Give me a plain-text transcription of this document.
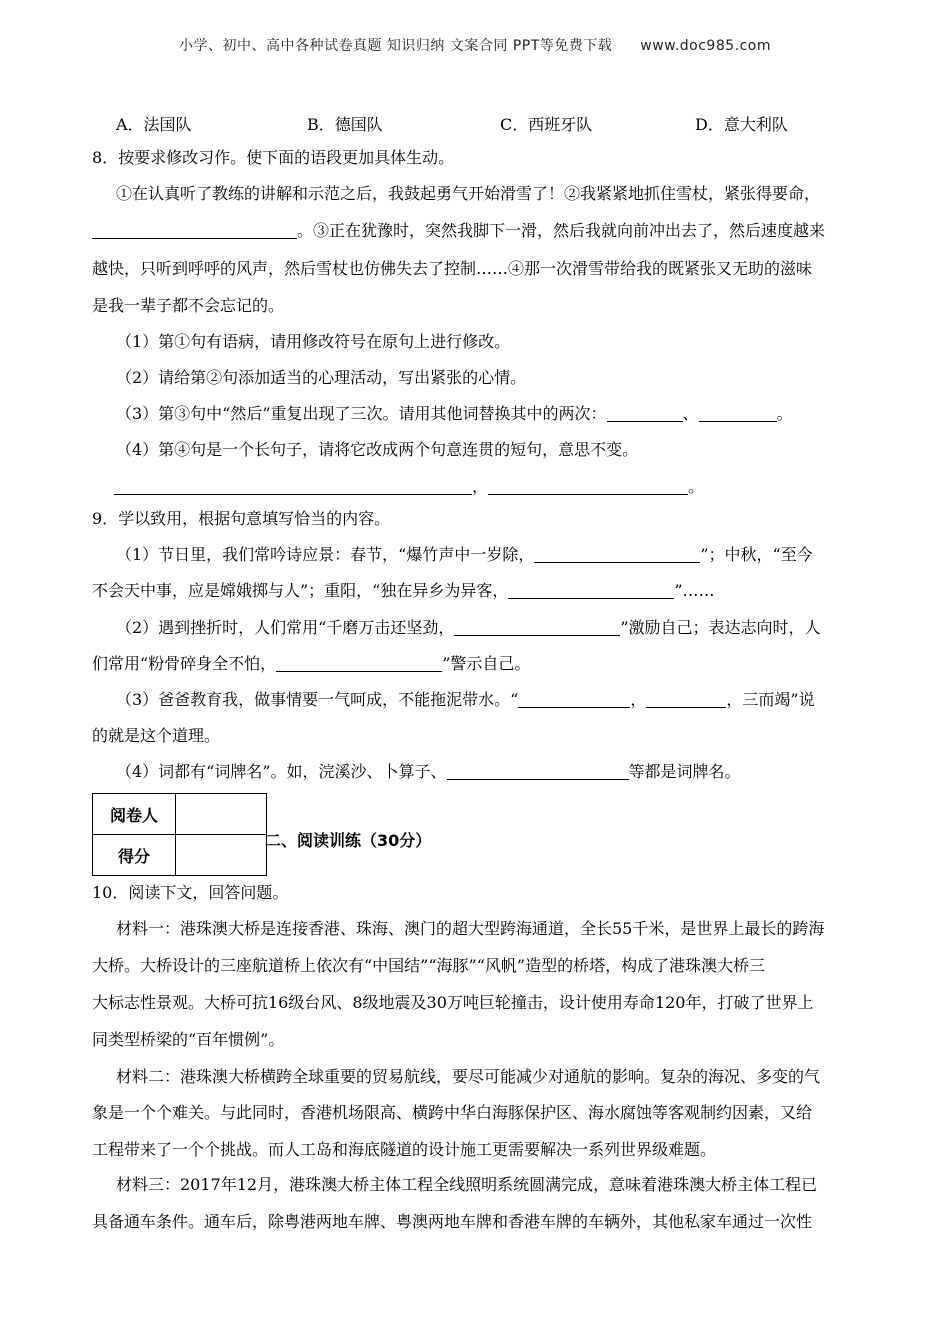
小学、初中、高中各种试卷真题 知识归纳 文案合同 PPT等免费下载 www.doc985.com
A．法国队	B．德国队	C．西班牙队	D．意大利队
8．按要求修改习作。使下面的语段更加具体生动。
①在认真听了教练的讲解和示范之后，我鼓起勇气开始滑雪了！②我紧紧地抓住雪杖，紧张得要命，
。③正在犹豫时，突然我脚下一滑，然后我就向前冲出去了，然后速度越来
越快，只听到呼呼的风声，然后雪杖也仿佛失去了控制……④那一次滑雪带给我的既紧张又无助的滋味
是我一辈子都不会忘记的。
（1）第①句有语病，请用修改符号在原句上进行修改。
（2）请给第②句添加适当的心理活动，写出紧张的心情。
（3）第③句中“然后”重复出现了三次。请用其他词替换其中的两次：	、	。
（4）第④句是一个长句子，请将它改成两个句意连贯的短句，意思不变。
，	。
9．学以致用，根据句意填写恰当的内容。
（1）节日里，我们常吟诗应景：春节，“爆竹声中一岁除，	”；中秋，“至今
不会天中事，应是嫦娥掷与人”；重阳，“独在异乡为异客，	”……
（2）遇到挫折时，人们常用“千磨万击还坚劲，	”激励自己；表达志向时，人
们常用“粉骨碎身全不怕，	”警示自己。
（3）爸爸教育我，做事情要一气呵成，不能拖泥带水。“	，	，三而竭”说
的就是这个道理。
（4）词都有“词牌名”。如，浣溪沙、卜算子、	等都是词牌名。
阅卷人	
得分	
二、阅读训练（30分）
10．阅读下文，回答问题。
材料一：港珠澳大桥是连接香港、珠海、澳门的超大型跨海通道，全长55千米，是世界上最长的跨海
大桥。大桥设计的三座航道桥上依次有“中国结”“海豚”“风帆”造型的桥塔，构成了港珠澳大桥三
大标志性景观。大桥可抗16级台风、8级地震及30万吨巨轮撞击，设计使用寿命120年，打破了世界上
同类型桥梁的“百年惯例”。
材料二：港珠澳大桥横跨全球重要的贸易航线，要尽可能减少对通航的影响。复杂的海况、多变的气
象是一个个难关。与此同时，香港机场限高、横跨中华白海豚保护区、海水腐蚀等客观制约因素，又给
工程带来了一个个挑战。而人工岛和海底隧道的设计施工更需要解决一系列世界级难题。
材料三：2017年12月，港珠澳大桥主体工程全线照明系统圆满完成，意味着港珠澳大桥主体工程已
具备通车条件。通车后，除粤港两地车牌、粤澳两地车牌和香港车牌的车辆外，其他私家车通过一次性
